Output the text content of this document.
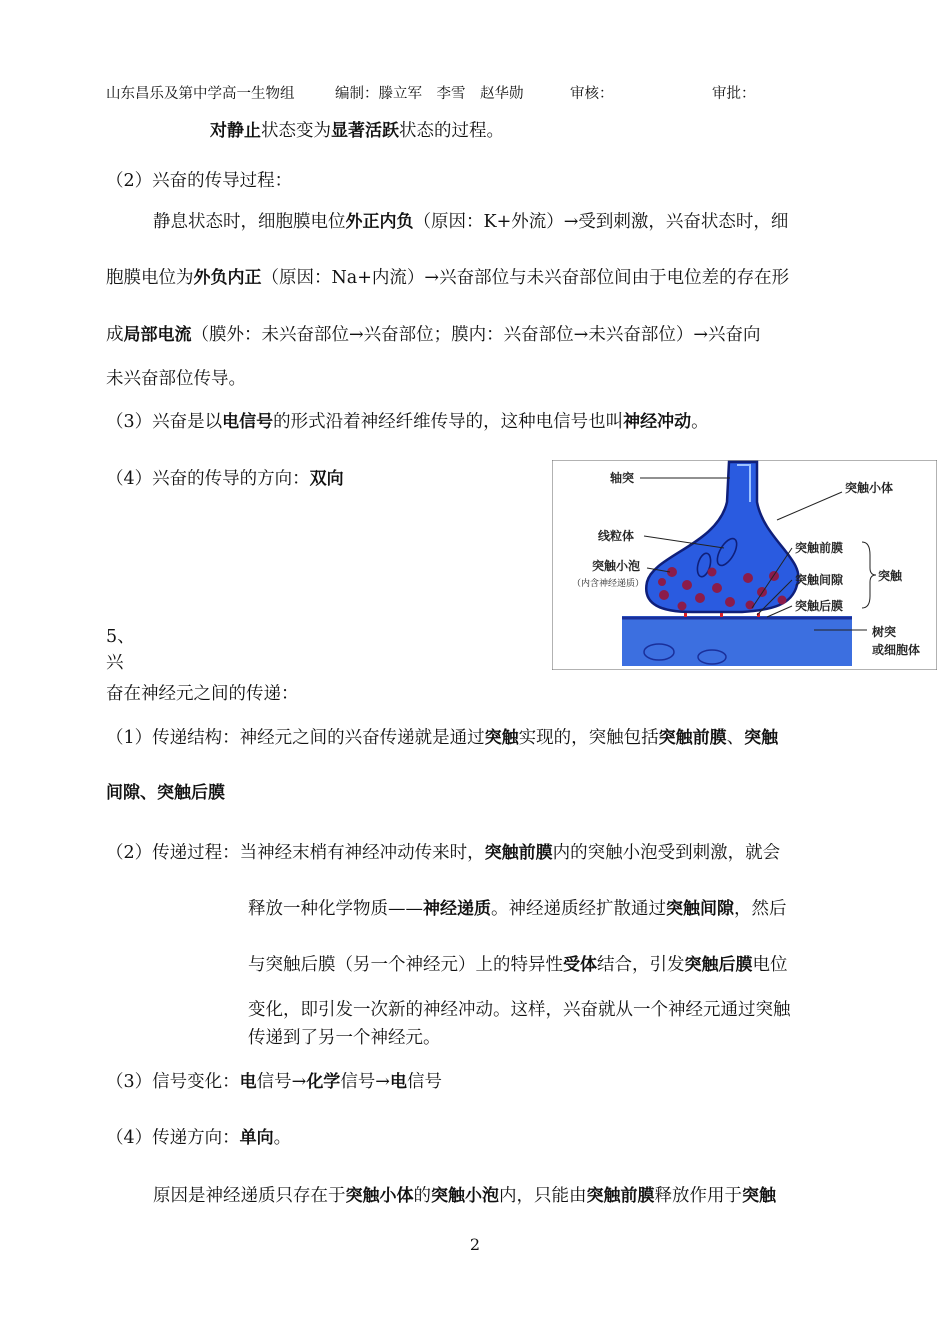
山东昌乐及第中学高一生物组	编制：滕立军　李雪　赵华勋	审核：	审批：
对静止状态变为显著活跃状态的过程。
（2）兴奋的传导过程：
静息状态时，细胞膜电位外正内负（原因：K+外流）→受到刺激，兴奋状态时，细
胞膜电位为外负内正（原因：Na+内流）→兴奋部位与未兴奋部位间由于电位差的存在形
成局部电流（膜外：未兴奋部位→兴奋部位；膜内：兴奋部位→未兴奋部位）→兴奋向
未兴奋部位传导。
（3）兴奋是以电信号的形式沿着神经纤维传导的，这种电信号也叫神经冲动。
（4）兴奋的传导的方向：双向
5、
兴
奋在神经元之间的传递：
（1）传递结构：神经元之间的兴奋传递就是通过突触实现的，突触包括突触前膜、突触
间隙、突触后膜
（2）传递过程：当神经末梢有神经冲动传来时，突触前膜内的突触小泡受到刺激，就会
释放一种化学物质——神经递质。神经递质经扩散通过突触间隙，然后
与突触后膜（另一个神经元）上的特异性受体结合，引发突触后膜电位
变化，即引发一次新的神经冲动。这样，兴奋就从一个神经元通过突触
传递到了另一个神经元。
（3）信号变化：电信号→化学信号→电信号
（4）传递方向：单向。
原因是神经递质只存在于突触小体的突触小泡内，只能由突触前膜释放作用于突触
轴突
突触小体
线粒体
突触小泡
（内含神经递质）
突触前膜
突触间隙
突触后膜
突触
树突
或细胞体
2
